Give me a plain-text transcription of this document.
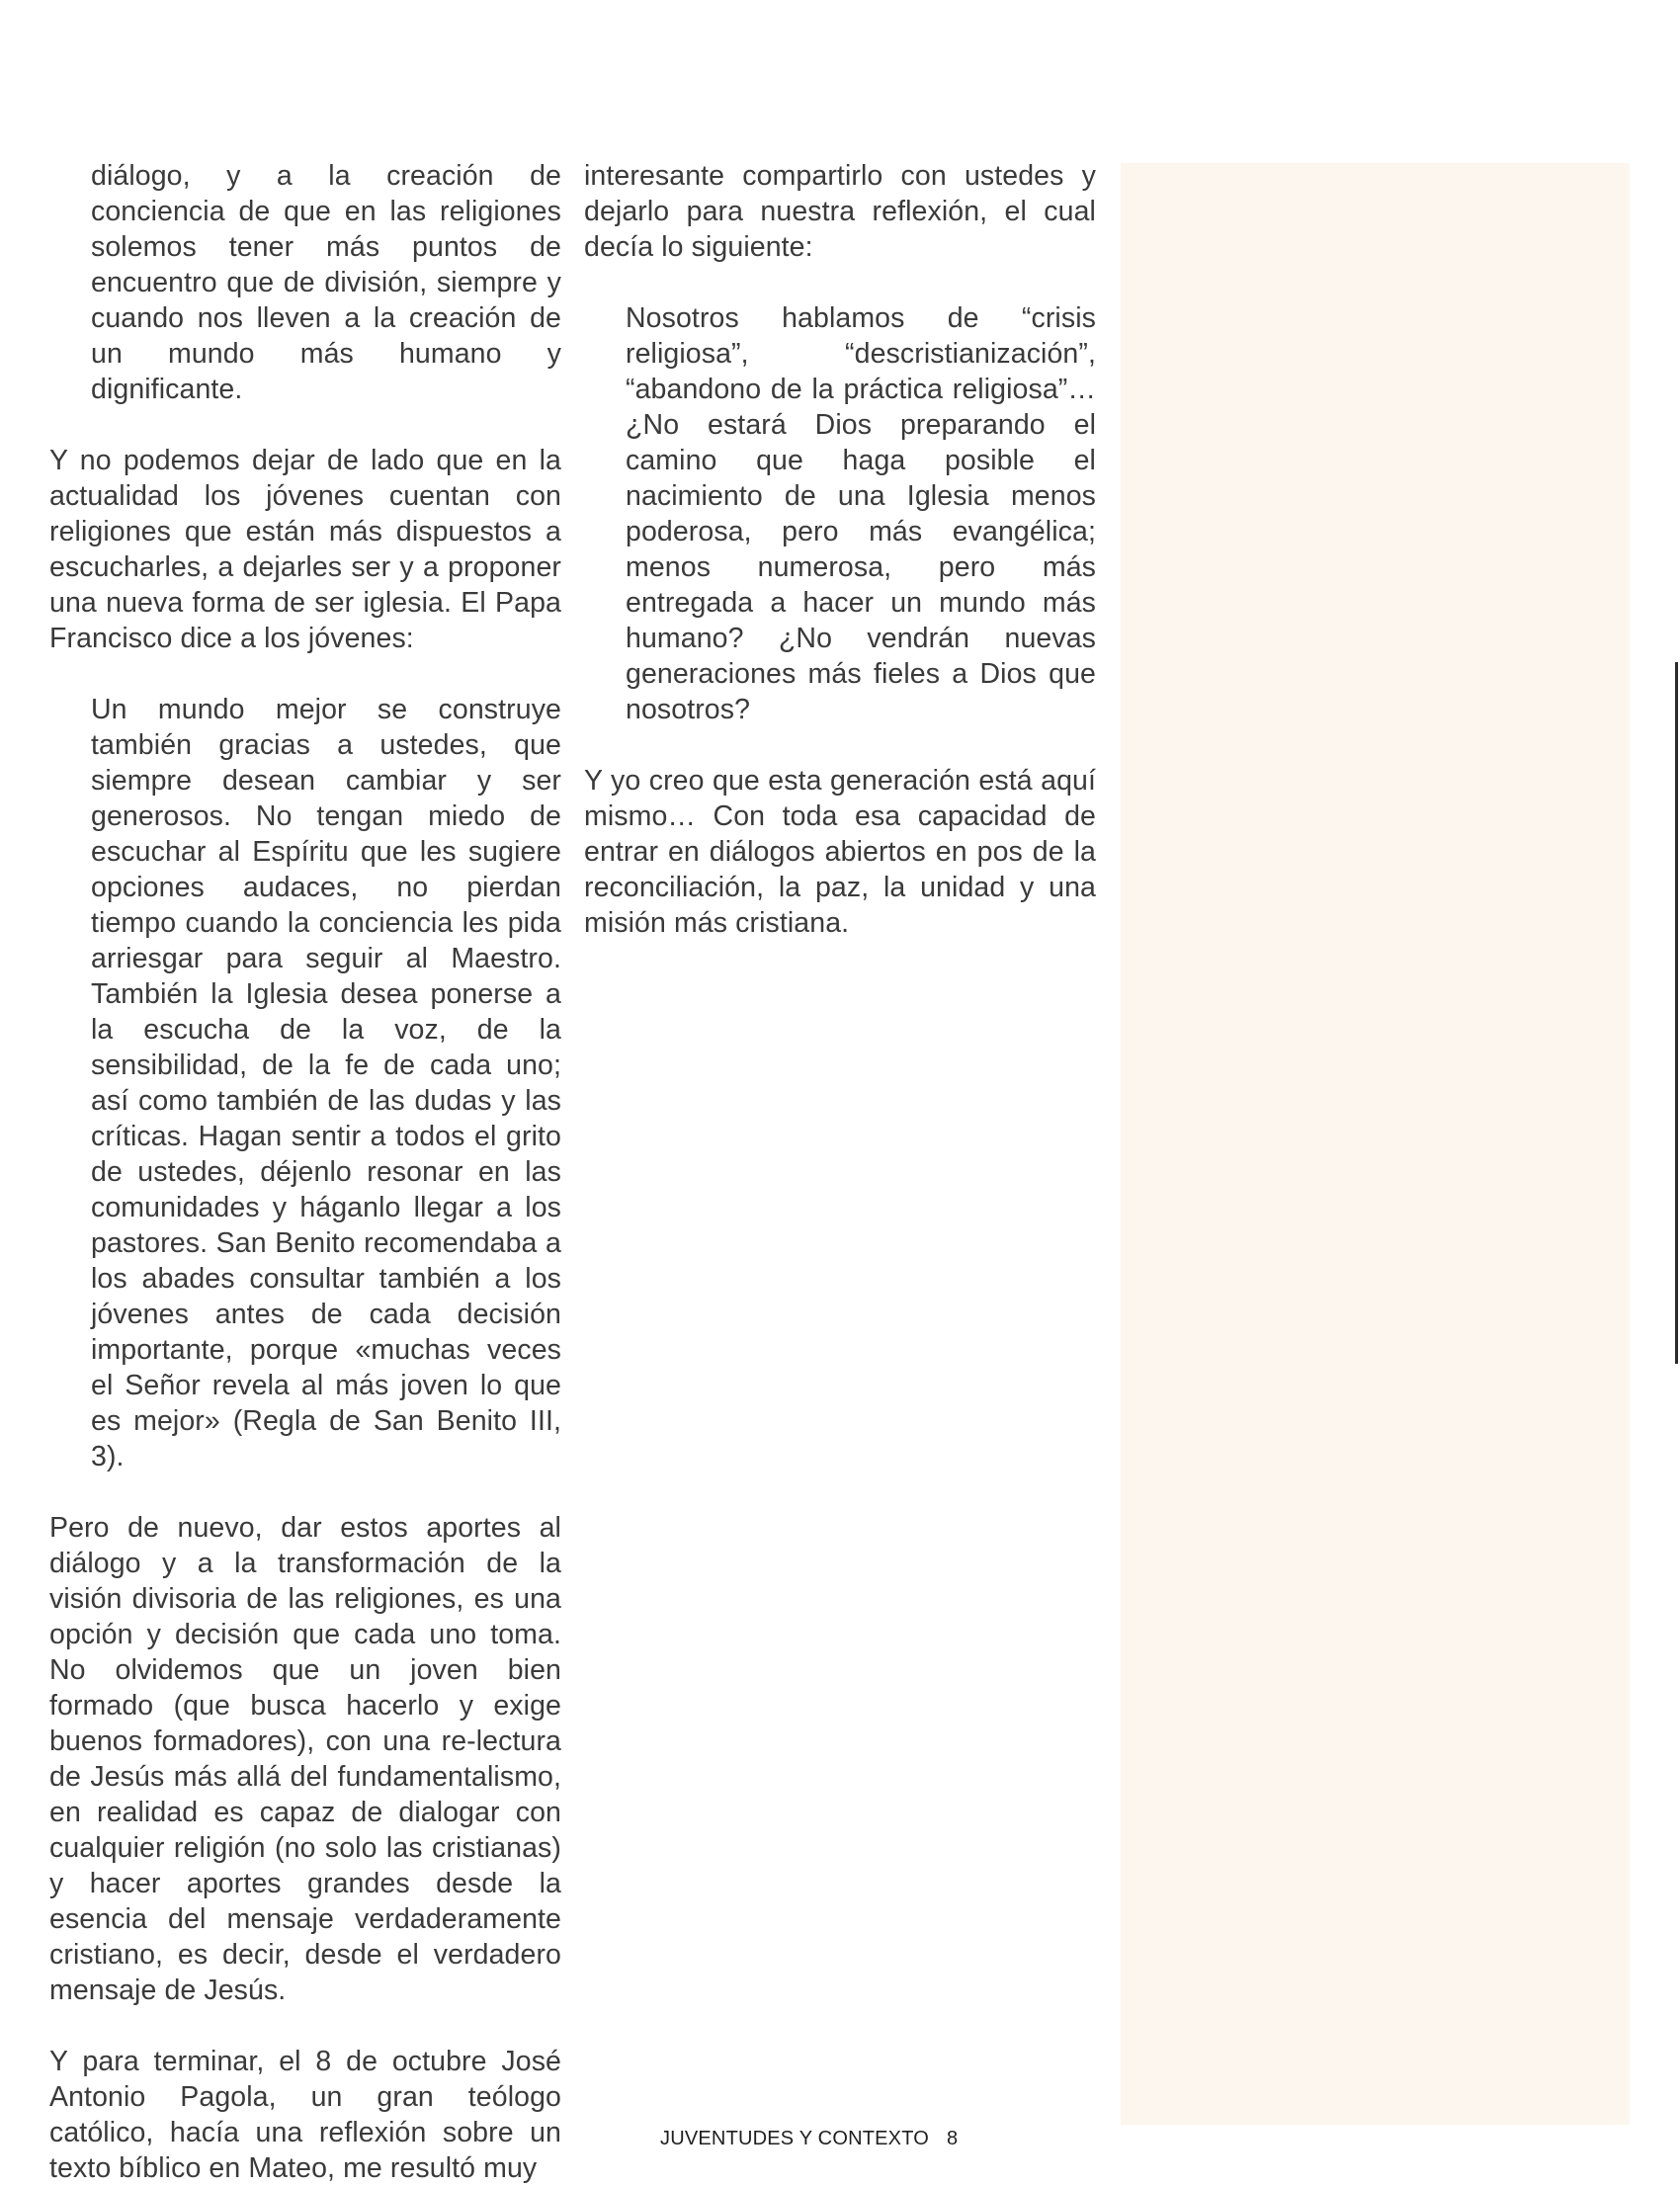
diálogo, y a la creación de conciencia de que en las religiones solemos tener más puntos de encuentro que de división, siempre y cuando nos lleven a la creación de un mundo más humano y dignificante.

Y no podemos dejar de lado que en la actualidad los jóvenes cuentan con religiones que están más dispuestos a escucharles, a dejarles ser y a proponer una nueva forma de ser iglesia. El Papa Francisco dice a los jóvenes:

Un mundo mejor se construye también gracias a ustedes, que siempre desean cambiar y ser generosos. No tengan miedo de escuchar al Espíritu que les sugiere opciones audaces, no pierdan tiempo cuando la conciencia les pida arriesgar para seguir al Maestro. También la Iglesia desea ponerse a la escucha de la voz, de la sensibilidad, de la fe de cada uno; así como también de las dudas y las críticas. Hagan sentir a todos el grito de ustedes, déjenlo resonar en las comunidades y háganlo llegar a los pastores. San Benito recomendaba a los abades consultar también a los jóvenes antes de cada decisión importante, porque «muchas veces el Señor revela al más joven lo que es mejor» (Regla de San Benito III, 3).

Pero de nuevo, dar estos aportes al diálogo y a la transformación de la visión divisoria de las religiones, es una opción y decisión que cada uno toma. No olvidemos que un joven bien formado (que busca hacerlo y exige buenos formadores), con una re-lectura de Jesús más allá del fundamentalismo, en realidad es capaz de dialogar con cualquier religión (no solo las cristianas) y hacer aportes grandes desde la esencia del mensaje verdaderamente cristiano, es decir, desde el verdadero mensaje de Jesús.

Y para terminar, el 8 de octubre José Antonio Pagola, un gran teólogo católico, hacía una reflexión sobre un texto bíblico en Mateo, me resultó muy

interesante compartirlo con ustedes y dejarlo para nuestra reflexión, el cual decía lo siguiente:

Nosotros hablamos de “crisis religiosa”, “descristianización”, “abandono de la práctica religiosa”… ¿No estará Dios preparando el camino que haga posible el nacimiento de una Iglesia menos poderosa, pero más evangélica; menos numerosa, pero más entregada a hacer un mundo más humano? ¿No vendrán nuevas generaciones más fieles a Dios que nosotros?

Y yo creo que esta generación está aquí mismo… Con toda esa capacidad de entrar en diálogos abiertos en pos de la reconciliación, la paz, la unidad y una misión más cristiana.

JUVENTUDES Y CONTEXTO 8
